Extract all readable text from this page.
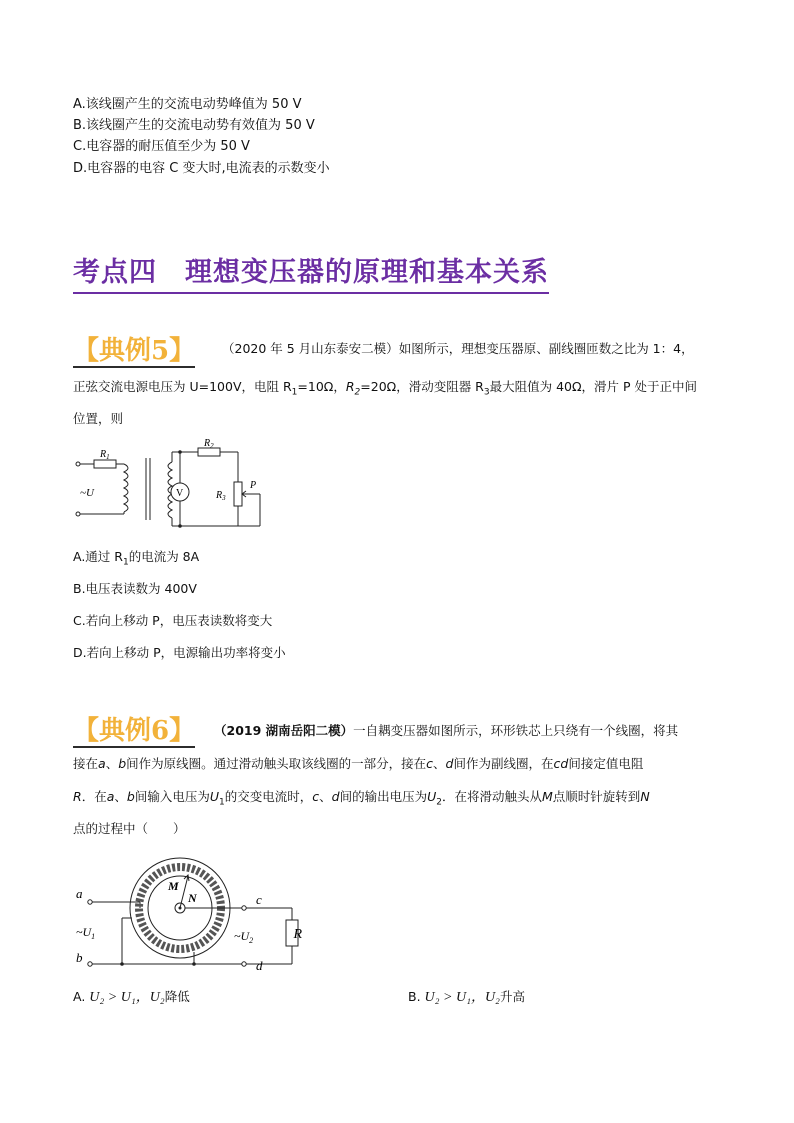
A.该线圈产生的交流电动势峰值为 50 V
B.该线圈产生的交流电动势有效值为 50 V
C.电容器的耐压值至少为 50 V
D.电容器的电容 C 变大时,电流表的示数变小
考点四　理想变压器的原理和基本关系
【典例5】 （2020 年 5 月山东泰安二模）如图所示，理想变压器原、副线圈匝数之比为 1：4，
正弦交流电源电压为 U=100V，电阻 $R_1=10\Omega$，$R_2=20\Omega$，滑动变阻器 $R_3$最大阻值为 40Ω，滑片 P 处于正中间
位置，则
V
$R_1$
$R_2$
$R_3$
P
~U
A.通过 $R_1$的电流为 8A
B.电压表读数为 400V
C.若向上移动 P，电压表读数将变大
D.若向上移动 P，电源输出功率将变小
【典例6】 （2019 湖南岳阳二模）一自耦变压器如图所示，环形铁芯上只绕有一个线圈，将其
接在a、b间作为原线圈。通过滑动触头取该线圈的一部分，接在c、d间作为副线圈，在cd间接定值电阻
R．在a、b间输入电压为$U_1$的交变电流时，c、d间的输出电压为$U_2$．在将滑动触头从M点顺时针旋转到N
点的过程中（　　）
a
b
c
d
M
N
R
$\sim U_1$	$\sim U_2$
A. U₂ > U₁，U₂降低	B. U₂ > U₁，U₂升高
